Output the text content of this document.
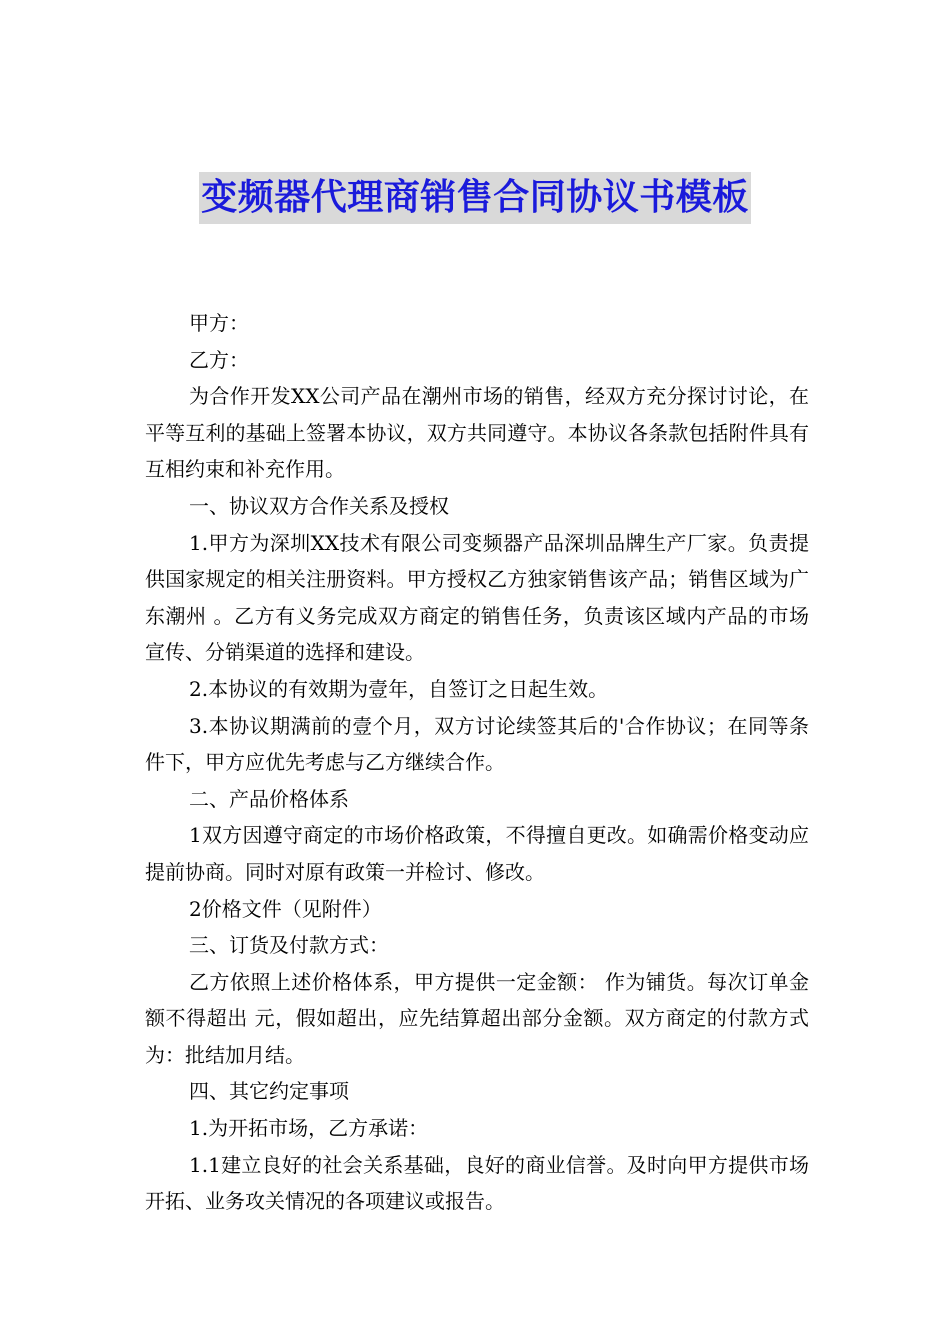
变频器代理商销售合同协议书模板

甲方：

乙方：

为合作开发XX公司产品在潮州市场的销售，经双方充分探讨讨论，在平等互利的基础上签署本协议，双方共同遵守。本协议各条款包括附件具有互相约束和补充作用。

一、协议双方合作关系及授权

1.甲方为深圳XX技术有限公司变频器产品深圳品牌生产厂家。负责提供国家规定的相关注册资料。甲方授权乙方独家销售该产品；销售区域为广东潮州 。乙方有义务完成双方商定的销售任务，负责该区域内产品的市场宣传、分销渠道的选择和建设。

2.本协议的有效期为壹年，自签订之日起生效。

3.本协议期满前的壹个月，双方讨论续签其后的'合作协议；在同等条件下，甲方应优先考虑与乙方继续合作。

二、产品价格体系

1双方因遵守商定的市场价格政策，不得擅自更改。如确需价格变动应提前协商。同时对原有政策一并检讨、修改。

2价格文件（见附件）

三、订货及付款方式：

乙方依照上述价格体系，甲方提供一定金额： 作为铺货。每次订单金额不得超出 元，假如超出，应先结算超出部分金额。双方商定的付款方式为：批结加月结。

四、其它约定事项

1.为开拓市场，乙方承诺：

1.1建立良好的社会关系基础，良好的商业信誉。及时向甲方提供市场开拓、业务攻关情况的各项建议或报告。
